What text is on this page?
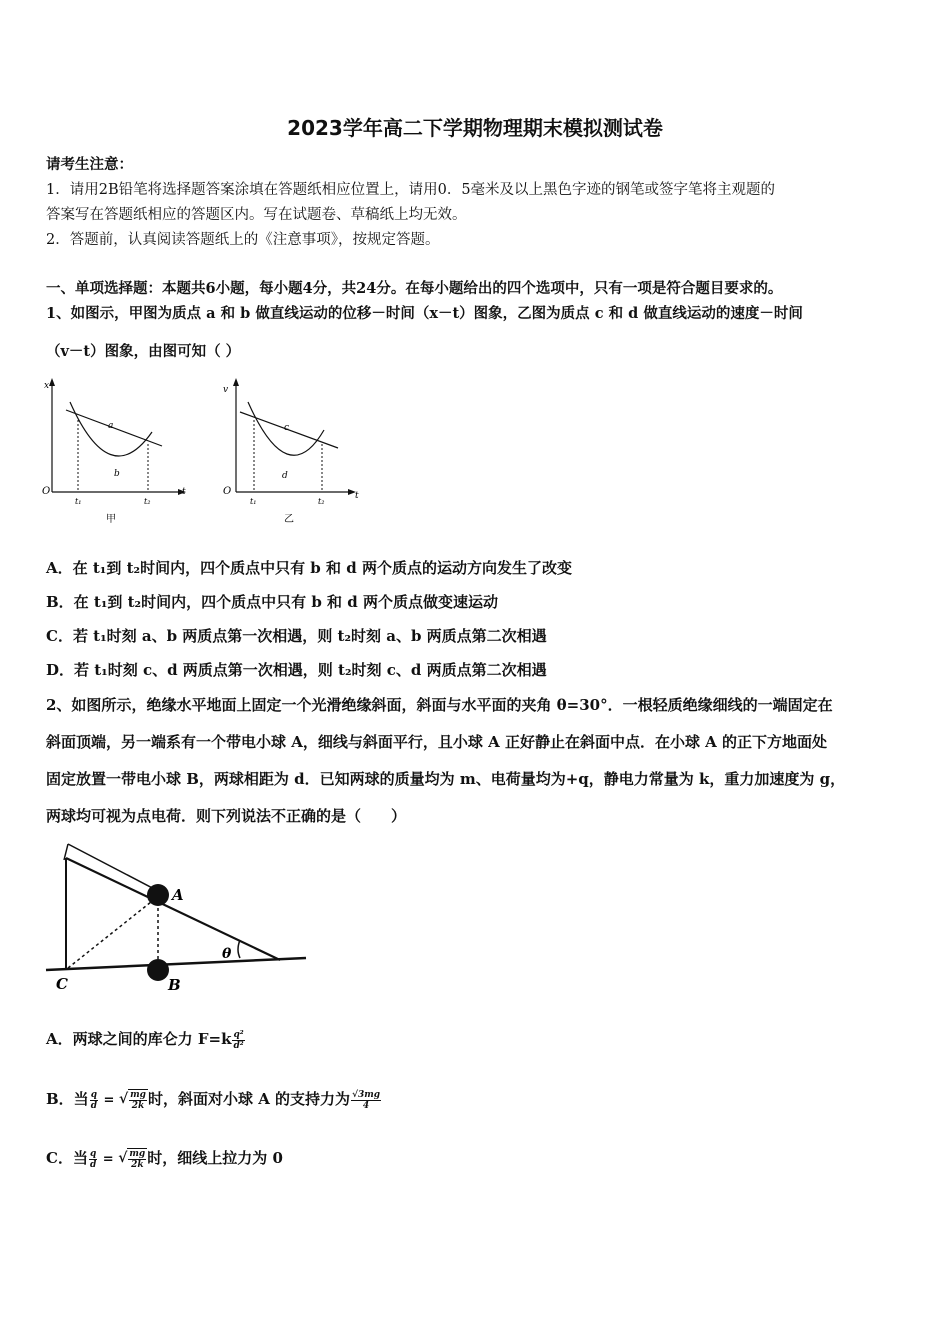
2023学年高二下学期物理期末模拟测试卷
请考生注意：
1．请用2B铅笔将选择题答案涂填在答题纸相应位置上，请用0．5毫米及以上黑色字迹的钢笔或签字笔将主观题的
答案写在答题纸相应的答题区内。写在试题卷、草稿纸上均无效。
2．答题前，认真阅读答题纸上的《注意事项》，按规定答题。
一、单项选择题：本题共6小题，每小题4分，共24分。在每小题给出的四个选项中，只有一项是符合题目要求的。
1、如图示，甲图为质点 a 和 b 做直线运动的位移－时间（x－t）图象，乙图为质点 c 和 d 做直线运动的速度－时间
（v－t）图象，由图可知（ ）
x
O
t₁	t₂
t
a
b
甲
v
O
t₁	t₂
t
c
d
乙
A．在 t₁到 t₂时间内，四个质点中只有 b 和 d 两个质点的运动方向发生了改变
B．在 t₁到 t₂时间内，四个质点中只有 b 和 d 两个质点做变速运动
C．若 t₁时刻 a、b 两质点第一次相遇，则 t₂时刻 a、b 两质点第二次相遇
D．若 t₁时刻 c、d 两质点第一次相遇，则 t₂时刻 c、d 两质点第二次相遇
2、如图所示，绝缘水平地面上固定一个光滑绝缘斜面，斜面与水平面的夹角 θ=30°．一根轻质绝缘细线的一端固定在
斜面顶端，另一端系有一个带电小球 A，细线与斜面平行，且小球 A 正好静止在斜面中点．在小球 A 的正下方地面处
固定放置一带电小球 B，两球相距为 d．已知两球的质量均为 m、电荷量均为+q，静电力常量为 k，重力加速度为 g，
两球均可视为点电荷．则下列说法不正确的是（　　）
A
B
C
θ
A．两球之间的库仑力 $F=k \frac{\text{q²}}{\text{d²}}$
B．当 $\frac{q}{d}$ = √ $\frac{mg}{2k}$ 时，斜面对小球 A 的支持力为 $\frac{√3mg}{4}$
C．当 $\frac{q}{d}$ = √ $\frac{mg}{2k}$ 时，细线上拉力为 0
